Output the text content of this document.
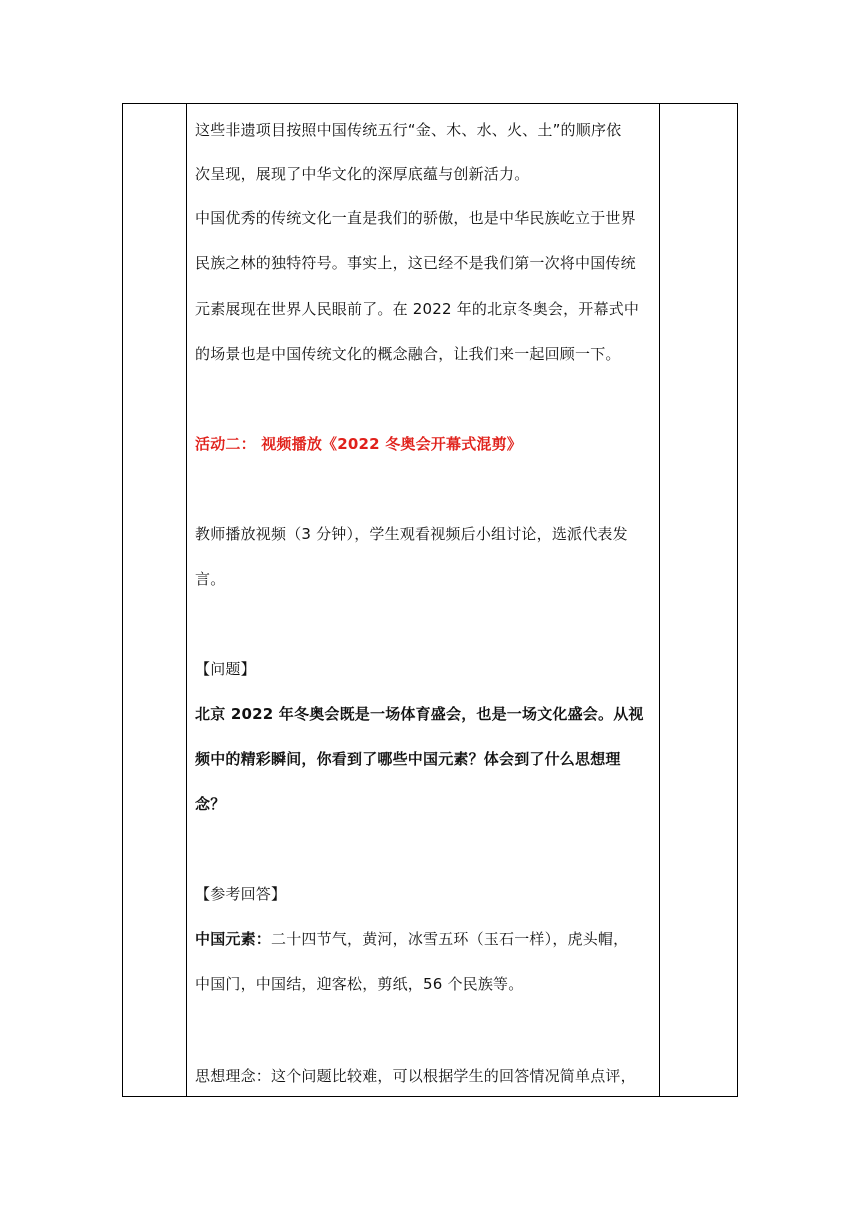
这些非遗项目按照中国传统五行“金、木、水、火、土”的顺序依
次呈现，展现了中华文化的深厚底蕴与创新活力。
中国优秀的传统文化一直是我们的骄傲，也是中华民族屹立于世界
民族之林的独特符号。事实上，这已经不是我们第一次将中国传统
元素展现在世界人民眼前了。在 2022 年的北京冬奥会，开幕式中
的场景也是中国传统文化的概念融合，让我们来一起回顾一下。
活动二： 视频播放《2022 冬奥会开幕式混剪》
教师播放视频（3 分钟），学生观看视频后小组讨论，选派代表发
言。
【问题】
北京 2022 年冬奥会既是一场体育盛会，也是一场文化盛会。从视
频中的精彩瞬间，你看到了哪些中国元素？体会到了什么思想理
念？
【参考回答】
中国元素：二十四节气，黄河，冰雪五环（玉石一样），虎头帽，
中国门，中国结，迎客松，剪纸，56 个民族等。
思想理念：这个问题比较难，可以根据学生的回答情况简单点评，
